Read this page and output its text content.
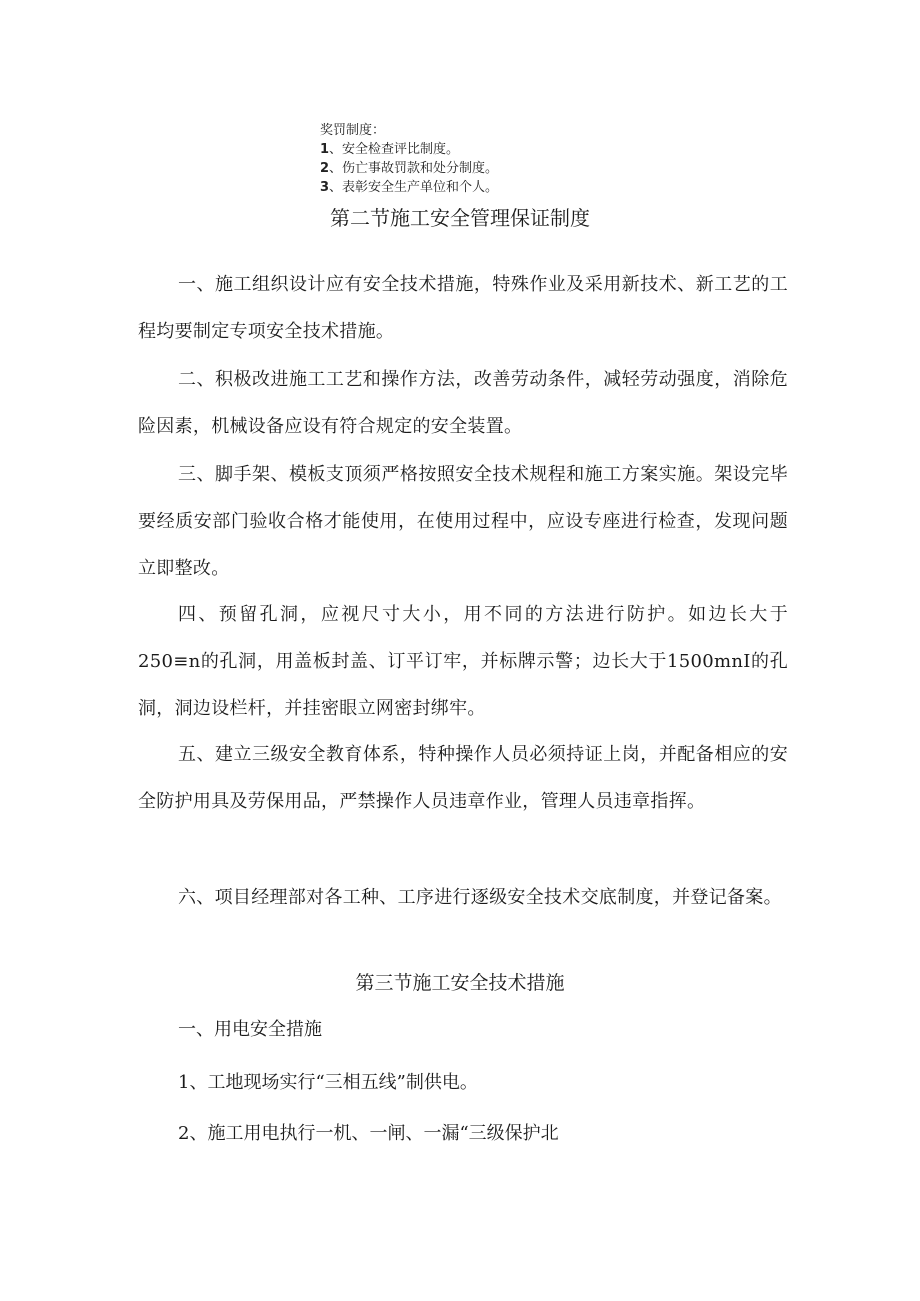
奖罚制度：
1、安全检查评比制度。
2、伤亡事故罚款和处分制度。
3、表彰安全生产单位和个人。
第二节施工安全管理保证制度

一、施工组织设计应有安全技术措施，特殊作业及采用新技术、新工艺的工程均要制定专项安全技术措施。

二、积极改进施工工艺和操作方法，改善劳动条件，减轻劳动强度，消除危险因素，机械设备应设有符合规定的安全装置。

三、脚手架、模板支顶须严格按照安全技术规程和施工方案实施。架设完毕要经质安部门验收合格才能使用，在使用过程中，应设专座进行检查，发现问题立即整改。

四、预留孔洞，应视尺寸大小，用不同的方法进行防护。如边长大于250≡n的孔洞，用盖板封盖、订平订牢，并标牌示警；边长大于1500mnI的孔洞，洞边设栏杆，并挂密眼立网密封绑牢。

五、建立三级安全教育体系，特种操作人员必须持证上岗，并配备相应的安全防护用具及劳保用品，严禁操作人员违章作业，管理人员违章指挥。

六、项目经理部对各工种、工序进行逐级安全技术交底制度，并登记备案。

第三节施工安全技术措施
一、用电安全措施
1、工地现场实行“三相五线”制供电。
2、施工用电执行一机、一闸、一漏“三级保护北
